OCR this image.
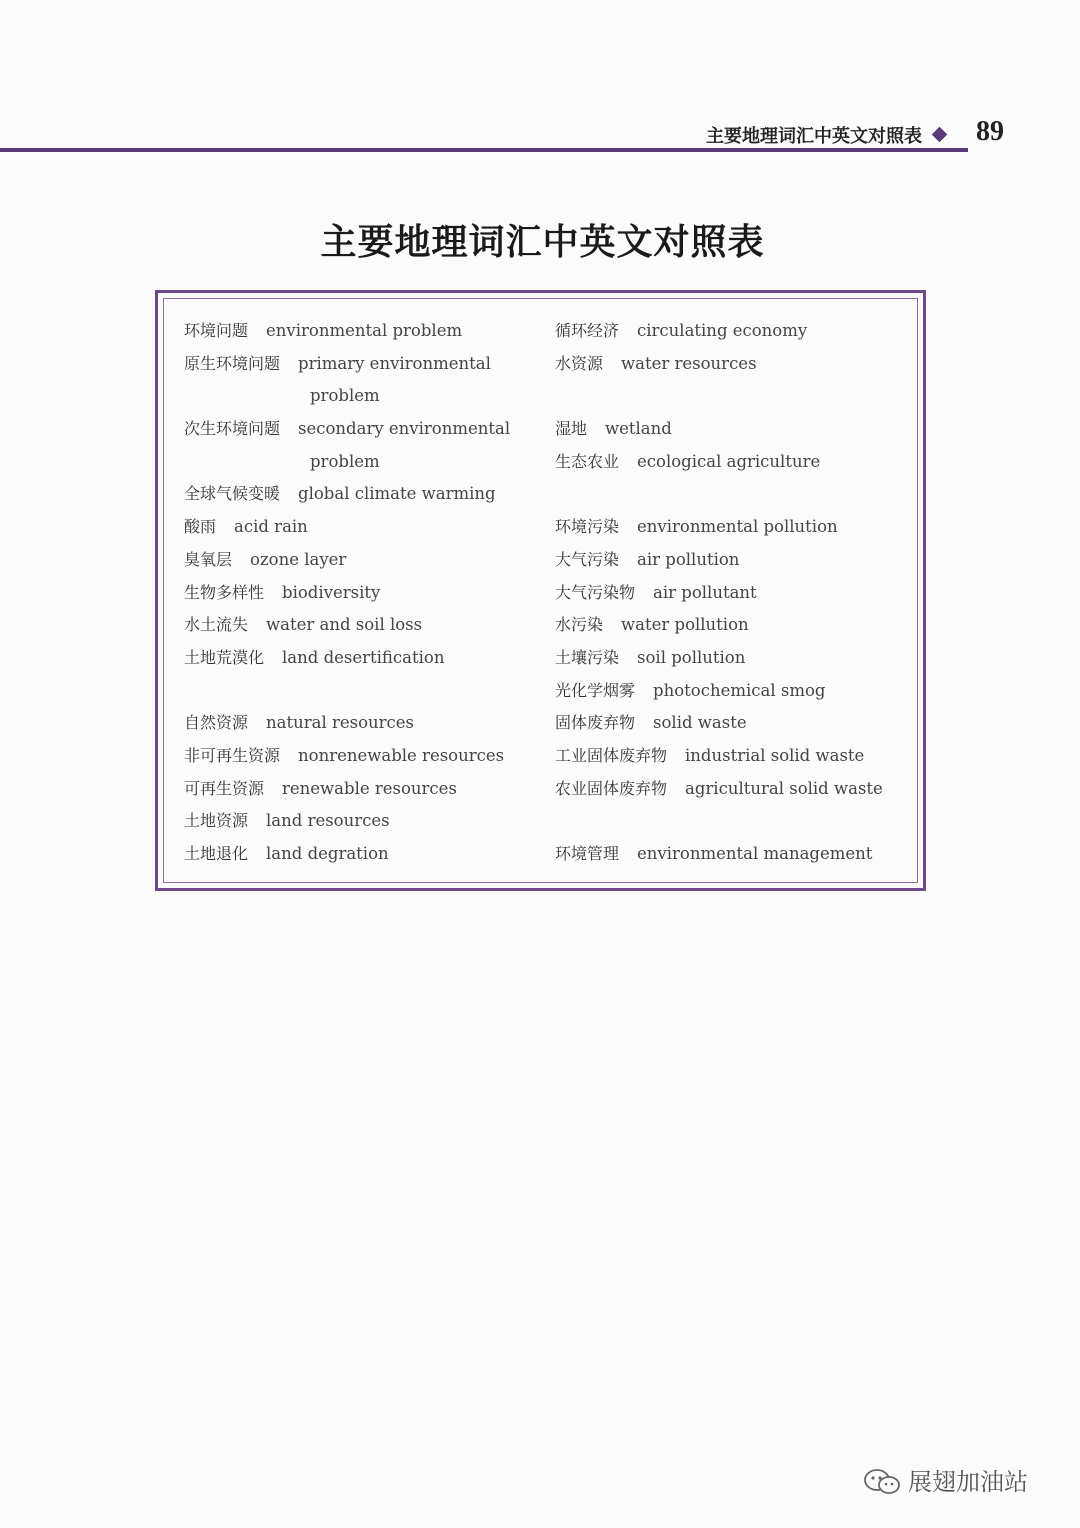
主要地理词汇中英文对照表 89
主要地理词汇中英文对照表
环境问题 environmental problem
原生环境问题 primary environmental
problem
次生环境问题 secondary environmental
problem
全球气候变暖 global climate warming
酸雨 acid rain
臭氧层 ozone layer
生物多样性 biodiversity
水土流失 water and soil loss
土地荒漠化 land desertification
自然资源 natural resources
非可再生资源 nonrenewable resources
可再生资源 renewable resources
土地资源 land resources
土地退化 land degration
循环经济 circulating economy
水资源 water resources
湿地 wetland
生态农业 ecological agriculture
环境污染 environmental pollution
大气污染 air pollution
大气污染物 air pollutant
水污染 water pollution
土壤污染 soil pollution
光化学烟雾 photochemical smog
固体废弃物 solid waste
工业固体废弃物 industrial solid waste
农业固体废弃物 agricultural solid waste
环境管理 environmental management
展翅加油站
